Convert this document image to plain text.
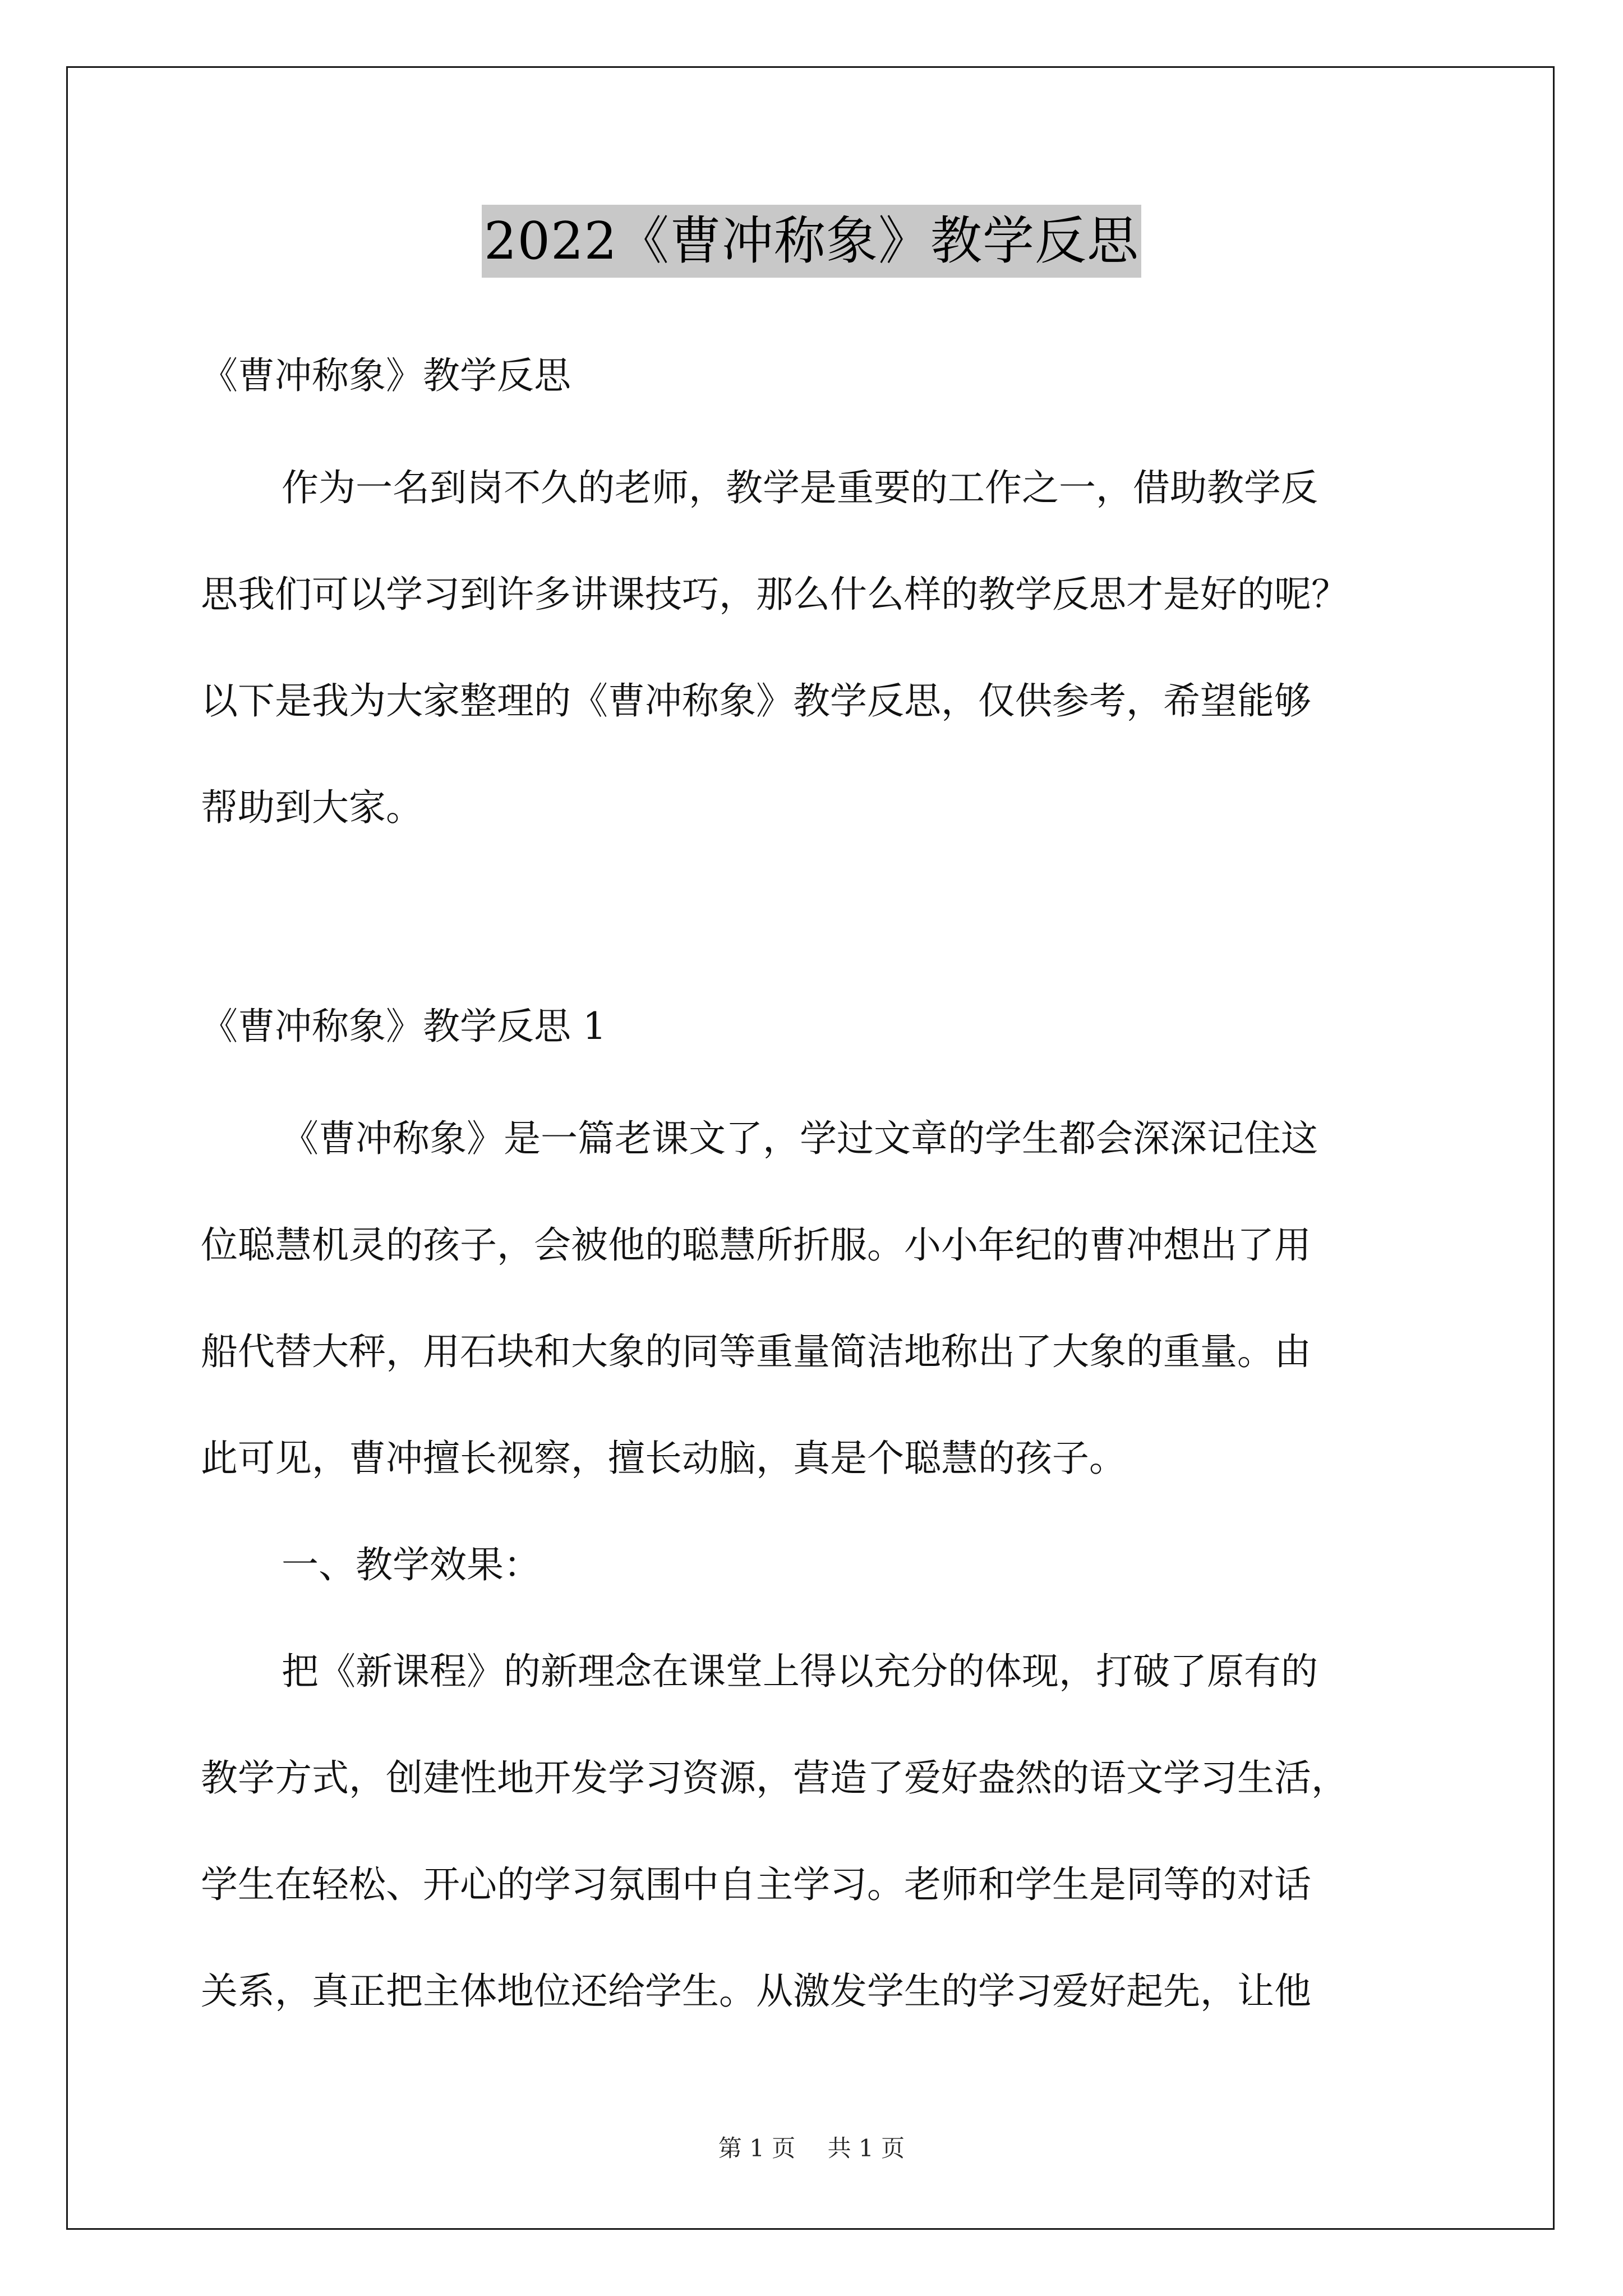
2022《曹冲称象》教学反思
《曹冲称象》教学反思
作为一名到岗不久的老师，教学是重要的工作之一，借助教学反
思我们可以学习到许多讲课技巧，那么什么样的教学反思才是好的呢？
以下是我为大家整理的《曹冲称象》教学反思，仅供参考，希望能够
帮助到大家。
《曹冲称象》教学反思 1
《曹冲称象》是一篇老课文了，学过文章的学生都会深深记住这
位聪慧机灵的孩子，会被他的聪慧所折服。小小年纪的曹冲想出了用
船代替大秤，用石块和大象的同等重量简洁地称出了大象的重量。由
此可见，曹冲擅长视察，擅长动脑，真是个聪慧的孩子。
一、教学效果：
把《新课程》的新理念在课堂上得以充分的体现，打破了原有的
教学方式，创建性地开发学习资源，营造了爱好盎然的语文学习生活，
学生在轻松、开心的学习氛围中自主学习。老师和学生是同等的对话
关系，真正把主体地位还给学生。从激发学生的学习爱好起先，让他
第 1 页 共 1 页
